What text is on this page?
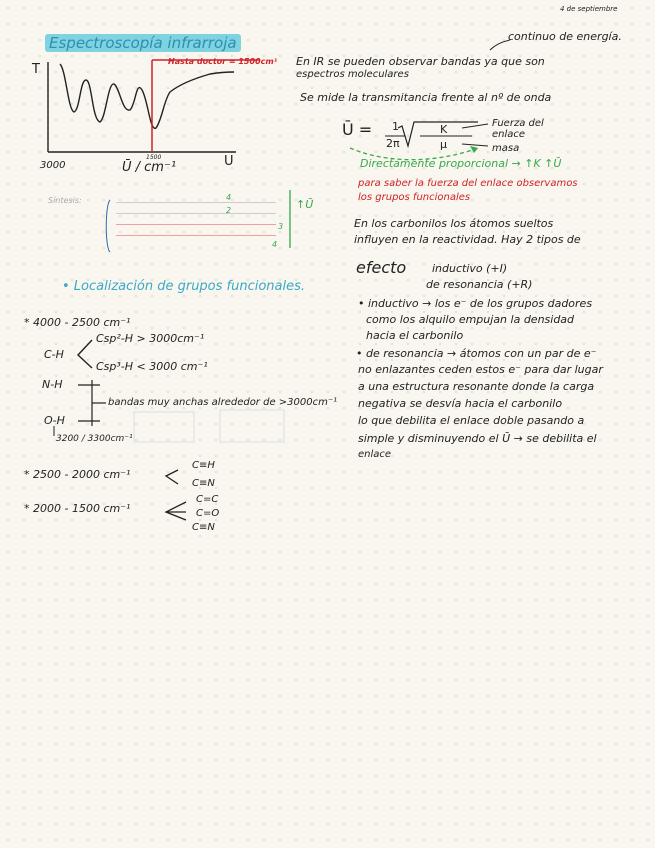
4 de septiembre
Espectroscopía infrarroja	continuo de energía.
T
Hasta doctor = 1500cm¹
3000
1500
Ū / cm⁻¹	U
En IR se pueden observar bandas ya que son
espectros moleculares
Se mide la transmitancia frente al nº de onda
Ū = 1
2π
K
μ
Fuerza del enlace
masa
Directamente proporcional → ↑K ↑Ū
para saber la fuerza del enlace observamos
los grupos funcionales
En los carbonilos los átomos sueltos
influyen en la reactividad. Hay 2 tipos de
efecto inductivo (+I)
de resonancia (+R)
• inductivo → los e⁻ de los grupos dadores
como los alquilo empujan la densidad
hacia el carbonilo
• de resonancia → átomos con un par de e⁻
no enlazantes ceden estos e⁻ para dar lugar
a una estructura resonante donde la carga
negativa se desvía hacia el carbonilo
lo que debilita el enlace doble pasando a
simple y disminuyendo el Ū → se debilita el
enlace
Síntesis:	4
2
3
4
↑Ū
• Localización de grupos funcionales.
* 4000 - 2500 cm⁻¹
C-H
Csp²-H > 3000cm⁻¹
Csp³-H < 3000 cm⁻¹
N-H
O-H
bandas muy anchas alrededor de >3000cm⁻¹
3200 / 3300cm⁻¹
* 2500 - 2000 cm⁻¹
C≡H
C≡N
* 2000 - 1500 cm⁻¹
C=C
C=O
C≡N
